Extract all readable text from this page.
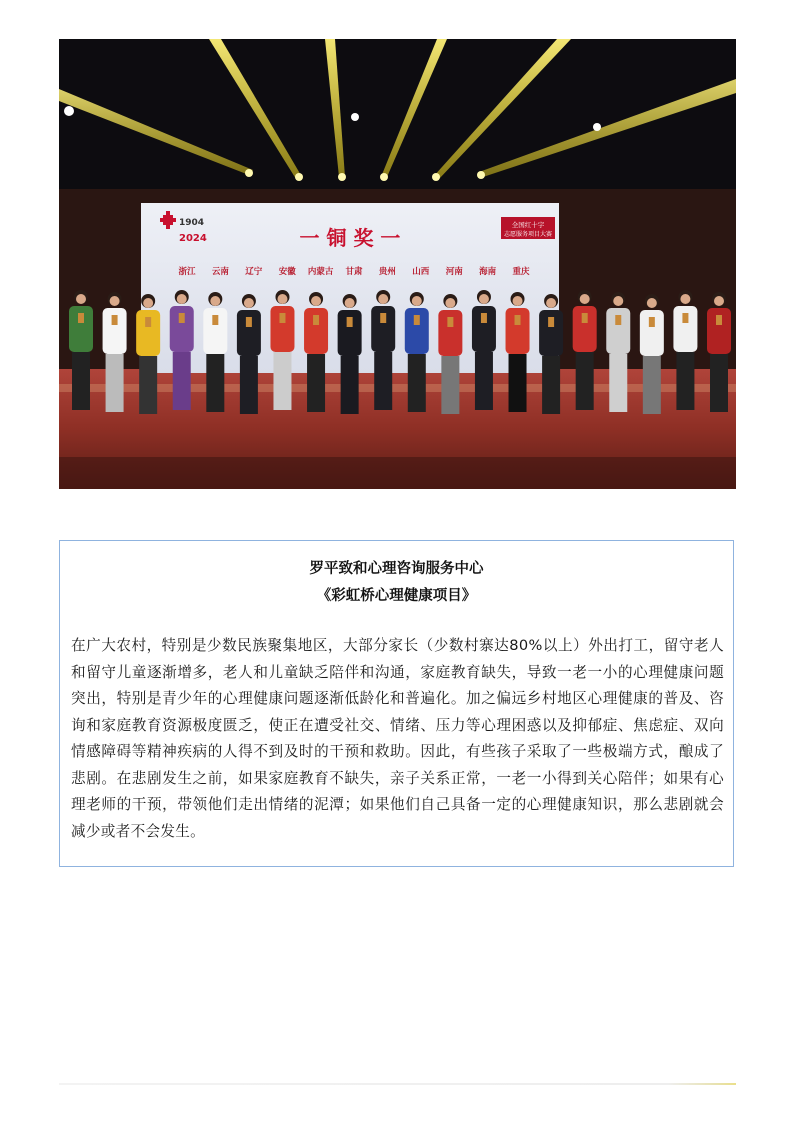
1904
2024	一 铜 奖 一
全国红十字
志愿服务项目大赛
浙江 云南 辽宁 安徽 内蒙古 甘肃 贵州 山西 河南 海南 重庆
罗平致和心理咨询服务中心
《彩虹桥心理健康项目》
在广大农村，特别是少数民族聚集地区，大部分家长（少数村寨达80%以上）外出打工，留守老人和留守儿童逐渐增多，老人和儿童缺乏陪伴和沟通，家庭教育缺失，导致一老一小的心理健康问题突出，特别是青少年的心理健康问题逐渐低龄化和普遍化。加之偏远乡村地区心理健康的普及、咨询和家庭教育资源极度匮乏，使正在遭受社交、情绪、压力等心理困惑以及抑郁症、焦虑症、双向情感障碍等精神疾病的人得不到及时的干预和救助。因此，有些孩子采取了一些极端方式，酿成了悲剧。在悲剧发生之前，如果家庭教育不缺失，亲子关系正常，一老一小得到关心陪伴；如果有心理老师的干预，带领他们走出情绪的泥潭；如果他们自己具备一定的心理健康知识，那么悲剧就会减少或者不会发生。
